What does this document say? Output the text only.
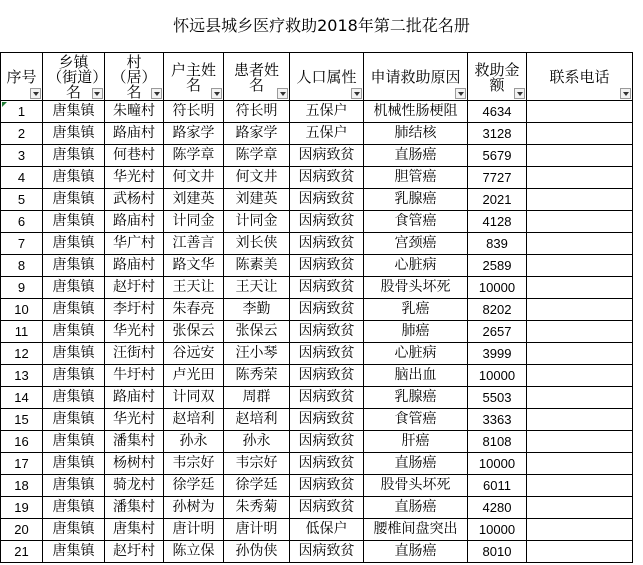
怀远县城乡医疗救助2018年第二批花名册
序号	乡镇（街道）名	村（居）名	户主姓名	患者姓名	人口属性	申请救助原因	救助金额	联系电话

1	唐集镇	朱疃村	符长明	符长明	五保户	机械性肠梗阻	4634	
2	唐集镇	路庙村	路家学	路家学	五保户	肺结核	3128	
3	唐集镇	何巷村	陈学章	陈学章	因病致贫	直肠癌	5679	
4	唐集镇	华光村	何文井	何文井	因病致贫	胆管癌	7727	
5	唐集镇	武杨村	刘建英	刘建英	因病致贫	乳腺癌	2021	
6	唐集镇	路庙村	计同金	计同金	因病致贫	食管癌	4128	
7	唐集镇	华广村	江善言	刘长侠	因病致贫	宫颈癌	839	
8	唐集镇	路庙村	路文华	陈素美	因病致贫	心脏病	2589	
9	唐集镇	赵圩村	王天让	王天让	因病致贫	股骨头坏死	10000	
10	唐集镇	李圩村	朱春亮	李勤	因病致贫	乳癌	8202	
11	唐集镇	华光村	张保云	张保云	因病致贫	肺癌	2657	
12	唐集镇	汪街村	谷远安	汪小琴	因病致贫	心脏病	3999	
13	唐集镇	牛圩村	卢光田	陈秀荣	因病致贫	脑出血	10000	
14	唐集镇	路庙村	计同双	周群	因病致贫	乳腺癌	5503	
15	唐集镇	华光村	赵培利	赵培利	因病致贫	食管癌	3363	
16	唐集镇	潘集村	孙永	孙永	因病致贫	肝癌	8108	
17	唐集镇	杨树村	韦宗好	韦宗好	因病致贫	直肠癌	10000	
18	唐集镇	骑龙村	徐学廷	徐学廷	因病致贫	股骨头坏死	6011	
19	唐集镇	潘集村	孙树为	朱秀菊	因病致贫	直肠癌	4280	
20	唐集镇	唐集村	唐计明	唐计明	低保户	腰椎间盘突出	10000	
21	唐集镇	赵圩村	陈立保	孙伪侠	因病致贫	直肠癌	8010	
